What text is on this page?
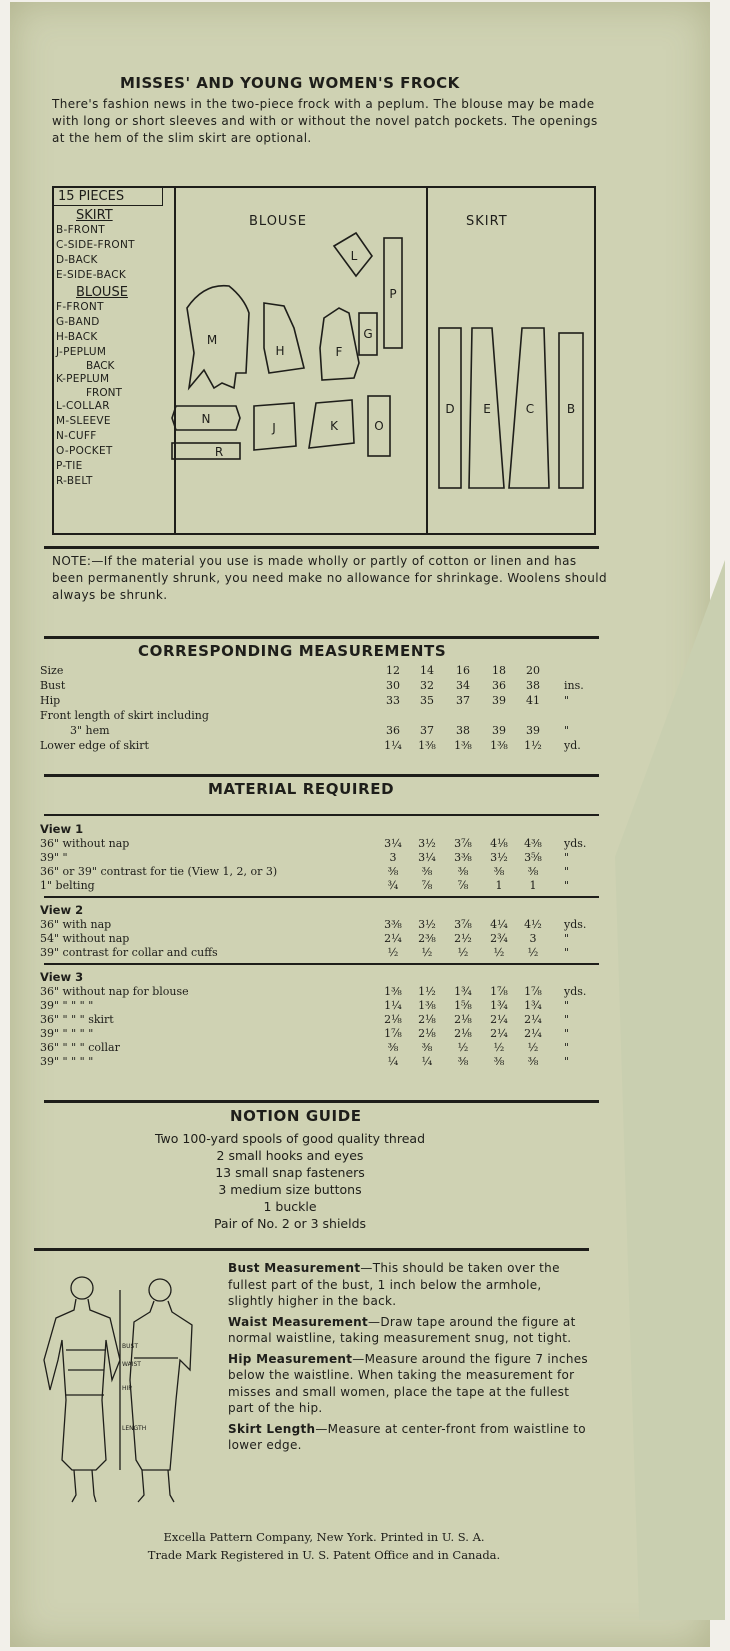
MISSES' AND YOUNG WOMEN'S FROCK
There's fashion news in the two-piece frock with a peplum. The blouse may be made with long or short sleeves and with or without the novel patch pockets. The openings at the hem of the slim skirt are optional.
15 PIECES
SKIRT
B-FRONT
C-SIDE-FRONT
D-BACK
E-SIDE-BACK
BLOUSE
F-FRONT
G-BAND
H-BACK
J-PEPLUM
BACK
K-PEPLUM
FRONT
L-COLLAR
M-SLEEVE
N-CUFF
O-POCKET
P-TIE
R-BELT
BLOUSE	SKIRT
M
H	F
G
L
P
N
R
J	K	O
D E	C	B
NOTE:—If the material you use is made wholly or partly of cotton or linen and has been permanently shrunk, you need make no allowance for shrinkage. Woolens should always be shrunk.
CORRESPONDING MEASUREMENTS
Size	12	14	16	18	20
Bust	30	32	34	36	38	ins.
Hip	33	35	37	39	41	"
Front length of skirt including
3" hem	36	37	38	39	39	"
Lower edge of skirt	1¼	1⅜	1⅜	1⅜	1½	yd.
MATERIAL REQUIRED
View 1
36" without nap	3¼	3½	3⅞	4⅛	4⅜	yds.
39" "	3	3¼	3⅜	3½	3⅝	"
36" or 39" contrast for tie (View 1, 2, or 3)	⅜	⅜	⅜	⅜	⅜	"
1" belting	¾	⅞	⅞	1	1	"
View 2
36" with nap	3⅜	3½	3⅞	4¼	4½	yds.
54" without nap	2¼	2⅜	2½	2¾	3	"
39" contrast for collar and cuffs	½	½	½	½	½	"
View 3
36" without nap for blouse	1⅜	1½	1¾	1⅞	1⅞	yds.
39" " " " "	1¼	1⅜	1⅝	1¾	1¾	"
36" " " " skirt	2⅛	2⅛	2⅛	2¼	2¼	"
39" " " " "	1⅞	2⅛	2⅛	2¼	2¼	"
36" " " " collar	⅜	⅜	½	½	½	"
39" " " " "	¼	¼	⅜	⅜	⅜	"
NOTION GUIDE
Two 100-yard spools of good quality thread
2 small hooks and eyes
13 small snap fasteners
3 medium size buttons
1 buckle
Pair of No. 2 or 3 shields
BUST
WAIST
HIP
LENGTH

Bust Measurement—This should be taken over the fullest part of the bust, 1 inch below the armhole, slightly higher in the back.

Waist Measurement—Draw tape around the figure at normal waistline, taking measurement snug, not tight.

Hip Measurement—Measure around the figure 7 inches below the waistline. When taking the measurement for misses and small women, place the tape at the fullest part of the hip.

Skirt Length—Measure at center-front from waistline to lower edge.

Excella Pattern Company, New York. Printed in U. S. A.
Trade Mark Registered in U. S. Patent Office and in Canada.
